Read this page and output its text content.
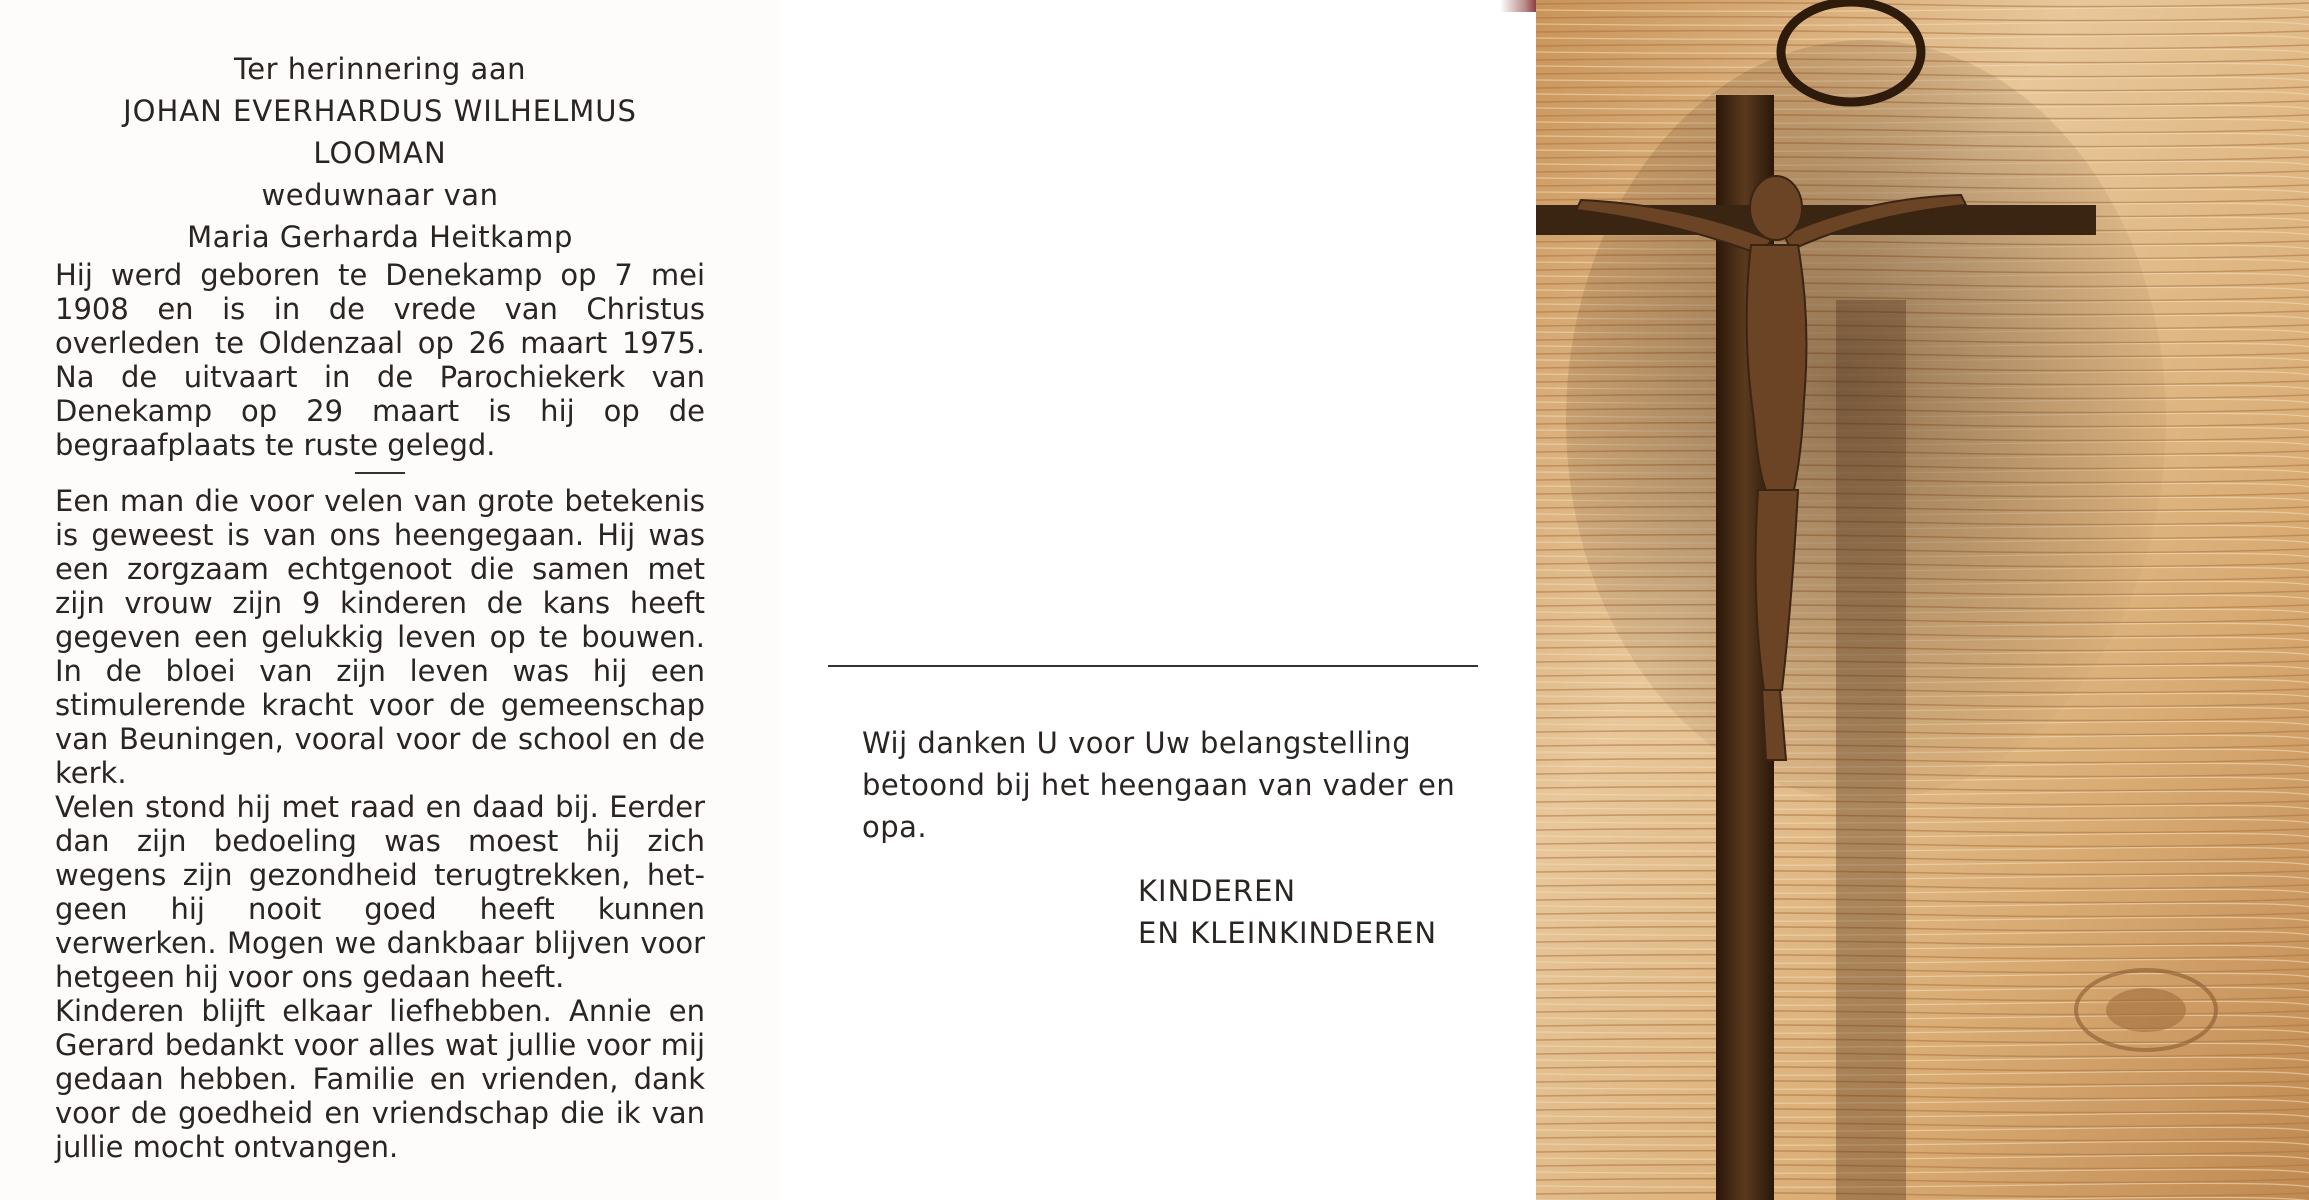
Ter herinnering aan
JOHAN EVERHARDUS WILHELMUS
LOOMAN
weduwnaar van
Maria Gerharda Heitkamp

Hij werd geboren te Denekamp op 7 mei 1908 en is in de vrede van Christus overleden te Oldenzaal op 26 maart 1975. Na de uitvaart in de Parochiekerk van Denekamp op 29 maart is hij op de begraafplaats te ruste gelegd.

Een man die voor velen van grote betekenis is geweest is van ons heengegaan. Hij was een zorgzaam echtgenoot die samen met zijn vrouw zijn 9 kinderen de kans heeft gegeven een gelukkig leven op te bouwen. In de bloei van zijn leven was hij een stimulerende kracht voor de gemeenschap van Beuningen, vooral voor de school en de kerk.

Velen stond hij met raad en daad bij. Eerder dan zijn bedoeling was moest hij zich wegens zijn gezondheid terugtrekken, het-geen hij nooit goed heeft kunnen verwerken. Mogen we dankbaar blijven voor hetgeen hij voor ons gedaan heeft.

Kinderen blijft elkaar liefhebben. Annie en Gerard bedankt voor alles wat jullie voor mij gedaan hebben. Familie en vrienden, dank voor de goedheid en vriendschap die ik van jullie mocht ontvangen.

Wij danken U voor Uw belangstelling betoond bij het heengaan van vader en opa.

KINDEREN
EN KLEINKINDEREN
